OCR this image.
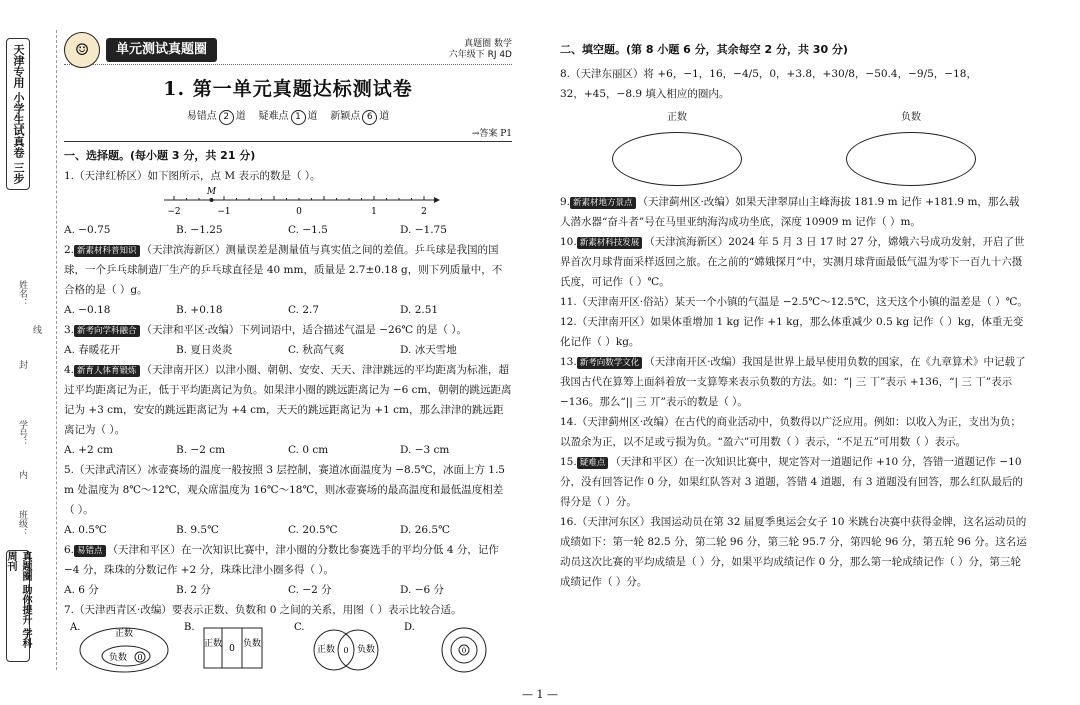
天津专用 小学生试真卷 三步
姓名：
封
线
学号：
内
班级：
真题圈 助你提升 学科 周刊
☺	单元测试真题圈	真题圈 数学
六年级下 RJ 4D
1. 第一单元真题达标测试卷
易错点 2 道 疑难点 1 道 新颖点 6 道
→答案 P1
一、选择题。(每小题 3 分，共 21 分)

1.（天津红桥区）如下图所示，点 M 表示的数是（ ）。

M
−2	−1	0	1	2
A. −0.75	B. −1.25	C. −1.5	D. −1.75

2. 新素材科普知识 （天津滨海新区）测量误差是测量值与真实值之间的差值。乒乓球是我国的国球，一个乒乓球制造厂生产的乒乓球直径是 40 mm，质量是 2.7±0.18 g，则下列质量中，不合格的是（ ）g。

A. −0.18	B. +0.18	C. 2.7	D. 2.51

3. 新考向学科融合 （天津和平区·改编）下列词语中，适合描述气温是 −26℃ 的是（ ）。

A. 春暖花开	B. 夏日炎炎	C. 秋高气爽	D. 冰天雪地

4. 新育人体育锻炼 （天津南开区）以津小圈、朝朝、安安、天天、津津跳远的平均距离为标准，超过平均距离记为正，低于平均距离记为负。如果津小圈的跳远距离记为 −6 cm，朝朝的跳远距离记为 +3 cm，安安的跳远距离记为 +4 cm，天天的跳远距离记为 +1 cm，那么津津的跳远距离记为（ ）。

A. +2 cm	B. −2 cm	C. 0 cm	D. −3 cm

5.（天津武清区）冰壶赛场的温度一般按照 3 层控制，赛道冰面温度为 −8.5℃，冰面上方 1.5 m 处温度为 8℃～12℃，观众席温度为 16℃～18℃，则冰壶赛场的最高温度和最低温度相差（ ）。

A. 0.5℃	B. 9.5℃	C. 20.5℃	D. 26.5℃

6. 易错点 （天津和平区）在一次知识比赛中，津小圈的分数比参赛选手的平均分低 4 分，记作 −4 分，珠珠的分数记作 +2 分，珠珠比津小圈多得（ ）。

A. 6 分	B. 2 分	C. −2 分	D. −6 分

7.（天津西青区·改编）要表示正数、负数和 0 之间的关系，用图（ ）表示比较合适。

A.
正数
负数 0
B.
正数 0 负数
C.
正数 0 负数
D.
0
二、填空题。(第 8 小题 6 分，其余每空 2 分，共 30 分)

8.（天津东丽区）将 +6，−1，16，−4/5，0，+3.8，+30/8，−50.4，−9/5，−18，32，+45，−8.9 填入相应的圈内。

正数	负数

9. 新素材地方景点 （天津蓟州区·改编）如果天津翠屏山主峰海拔 181.9 m 记作 +181.9 m，那么载人潜水器“奋斗者”号在马里亚纳海沟成功坐底，深度 10909 m 记作（ ）m。

10. 新素材科技发展 （天津滨海新区）2024 年 5 月 3 日 17 时 27 分，嫦娥六号成功发射，开启了世界首次月球背面采样返回之旅。在之前的“嫦娥探月”中，实测月球背面最低气温为零下一百九十六摄氏度，可记作（ ）℃。

11.（天津南开区·俗站）某天一个小镇的气温是 −2.5℃～12.5℃，这天这个小镇的温差是（ ）℃。

12.（天津南开区）如果体重增加 1 kg 记作 +1 kg，那么体重减少 0.5 kg 记作（ ）kg，体重无变化记作（ ）kg。

13. 新考向数学文化 （天津南开区·改编）我国是世界上最早使用负数的国家，在《九章算术》中记载了我国古代在算筹上面斜着放一支算筹来表示负数的方法。如：“| 三 丅”表示 +136，“| 三 丅”表示 −136。那么“|| 三 丌”表示的数是（ ）。

14.（天津蓟州区·改编）在古代的商业活动中，负数得以广泛应用。例如：以收入为正，支出为负；以盈余为正，以不足或亏损为负。“盈六”可用数（ ）表示，“不足五”可用数（ ）表示。

15. 疑难点 （天津和平区）在一次知识比赛中，规定答对一道题记作 +10 分，答错一道题记作 −10 分，没有回答记作 0 分，如果红队答对 3 道题，答错 4 道题，有 3 道题没有回答，那么红队最后的得分是（ ）分。

16.（天津河东区）我国运动员在第 32 届夏季奥运会女子 10 米跳台决赛中获得金牌，这名运动员的成绩如下：第一轮 82.5 分，第二轮 96 分，第三轮 95.7 分，第四轮 96 分，第五轮 96 分。这名运动员这次比赛的平均成绩是（ ）分，如果平均成绩记作 0 分，那么第一轮成绩记作（ ）分，第三轮成绩记作（ ）分。

— 1 —
